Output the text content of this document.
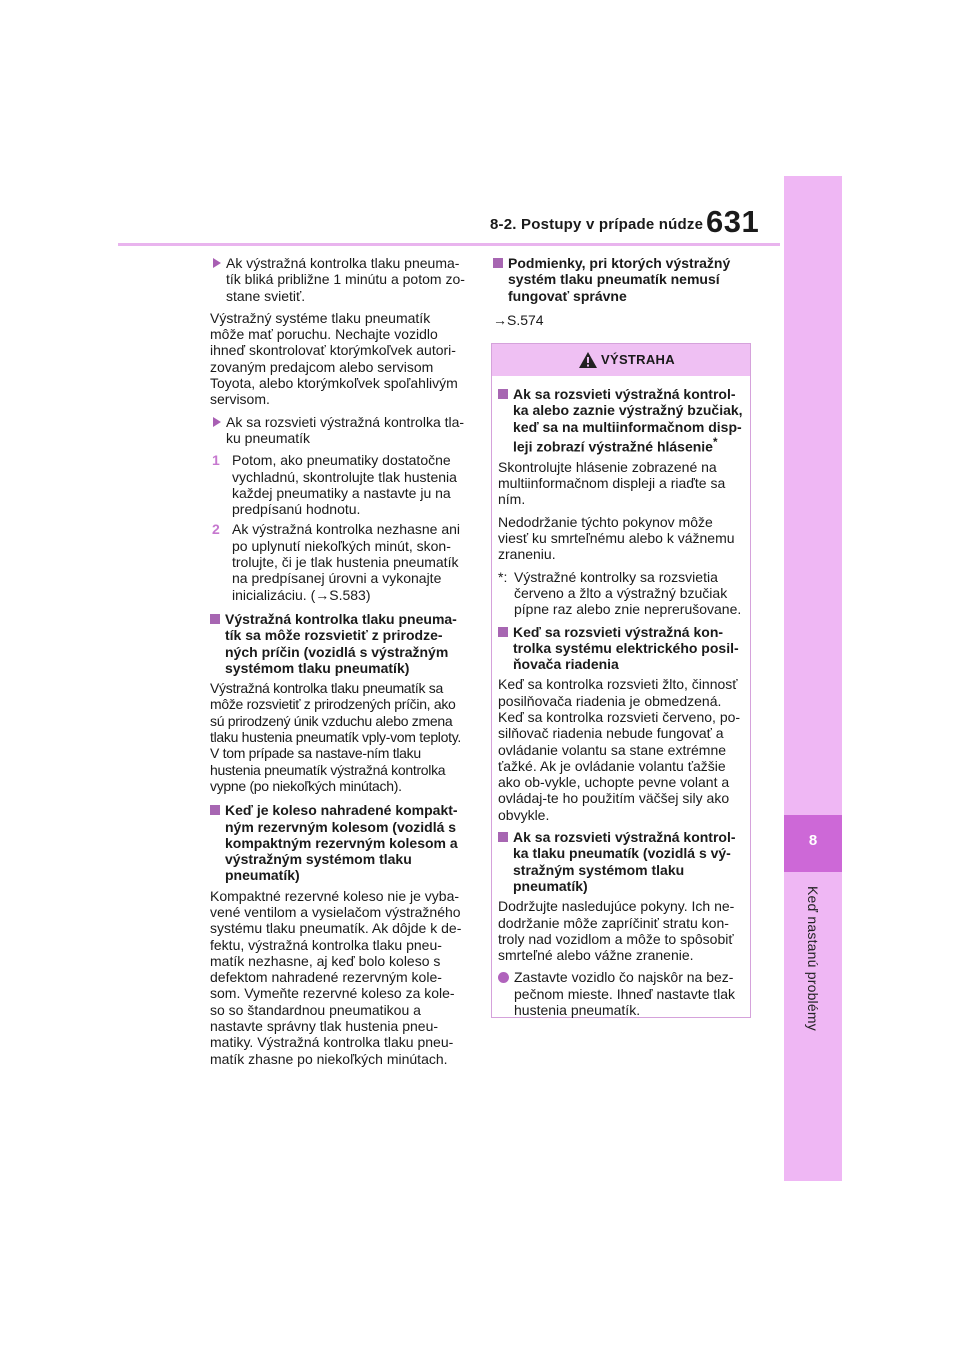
8-2. Postupy v prípade núdze 631
8
Keď nastanú problémy
Ak výstražná kontrolka tlaku pneuma-tík bliká približne 1 minútu a potom zo-stane svietiť.

Výstražný systéme tlaku pneumatík môže mať poruchu. Nechajte vozidlo ihneď skontrolovať ktorýmkoľvek autori-zovaným predajcom alebo servisom Toyota, alebo ktorýmkoľvek spoľahlivým servisom.

Ak sa rozsvieti výstražná kontrolka tla-ku pneumatík
1 Potom, ako pneumatiky dostatočne vychladnú, skontrolujte tlak hustenia každej pneumatiky a nastavte ju na predpísanú hodnotu.
2 Ak výstražná kontrolka nezhasne ani po uplynutí niekoľkých minút, skon-trolujte, či je tlak hustenia pneumatík na predpísanej úrovni a vykonajte inicializáciu. (→S.583)
Výstražná kontrolka tlaku pneuma-tík sa môže rozsvietiť z prirodze-ných príčin (vozidlá s výstražným systémom tlaku pneumatík)

Výstražná kontrolka tlaku pneumatík sa môže rozsvietiť z prirodzených príčin, ako sú prirodzený únik vzduchu alebo zmena tlaku hustenia pneumatík vply-vom teploty. V tom prípade sa nastave-ním tlaku hustenia pneumatík výstražná kontrolka vypne (po niekoľkých minútach).

Keď je koleso nahradené kompakt-ným rezervným kolesom (vozidlá s kompaktným rezervným kolesom a výstražným systémom tlaku pneumatík)

Kompaktné rezervné koleso nie je vyba-vené ventilom a vysielačom výstražného systému tlaku pneumatík. Ak dôjde k de-fektu, výstražná kontrolka tlaku pneu-matík nezhasne, aj keď bolo koleso s defektom nahradené rezervným kole-som. Vymeňte rezervné koleso za kole-so so štandardnou pneumatikou a nastavte správny tlak hustenia pneu-matiky. Výstražná kontrolka tlaku pneu-matík zhasne po niekoľkých minútach.

Podmienky, pri ktorých výstražný systém tlaku pneumatík nemusí fungovať správne

→S.574

VÝSTRAHA
Ak sa rozsvieti výstražná kontrol-ka alebo zaznie výstražný bzučiak, keď sa na multiinformačnom disp-leji zobrazí výstražné hlásenie*

Skontrolujte hlásenie zobrazené na multiinformačnom displeji a riaďte sa ním.

Nedodržanie týchto pokynov môže viesť ku smrteľnému alebo k vážnemu zraneniu.

*: Výstražné kontrolky sa rozsvietia červeno a žlto a výstražný bzučiak pípne raz alebo znie neprerušovane.
Keď sa rozsvieti výstražná kon-trolka systému elektrického posil-ňovača riadenia

Keď sa kontrolka rozsvieti žlto, činnosť posilňovača riadenia je obmedzená. Keď sa kontrolka rozsvieti červeno, po-silňovač riadenia nebude fungovať a ovládanie volantu sa stane extrémne ťažké. Ak je ovládanie volantu ťažšie ako ob-vykle, uchopte pevne volant a ovládaj-te ho použitím väčšej sily ako obvykle.

Ak sa rozsvieti výstražná kontrol-ka tlaku pneumatík (vozidlá s vý-stražným systémom tlaku pneumatík)

Dodržujte nasledujúce pokyny. Ich ne-dodržanie môže zapríčiniť stratu kon-troly nad vozidlom a môže to spôsobiť smrteľné alebo vážne zranenie.

Zastavte vozidlo čo najskôr na bez-pečnom mieste. Ihneď nastavte tlak hustenia pneumatík.
